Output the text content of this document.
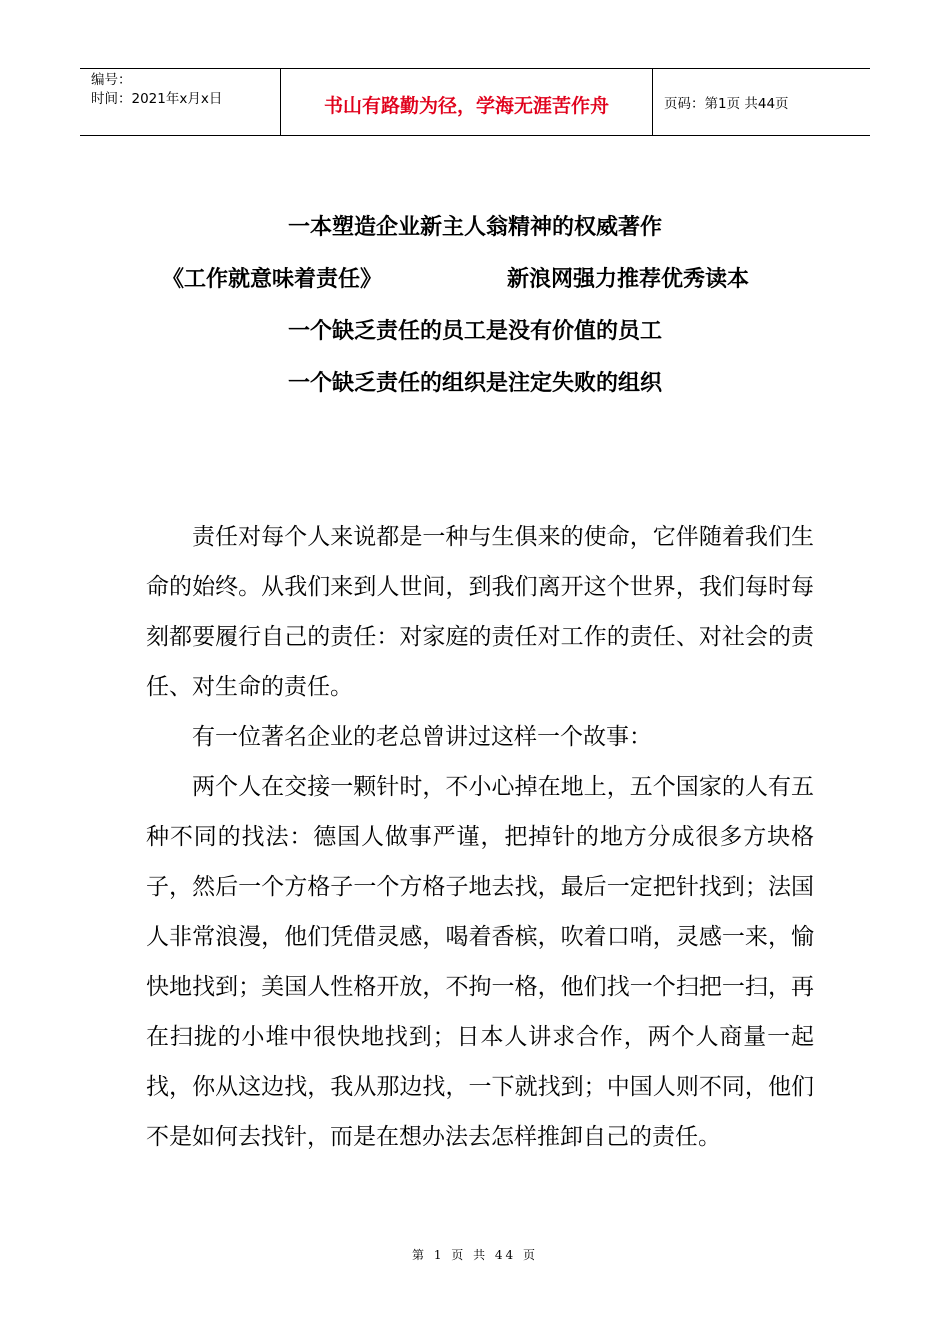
编号：
时间：2021年x月x日	书山有路勤为径，学海无涯苦作舟	页码：第1页 共44页
一本塑造企业新主人翁精神的权威著作
《工作就意味着责任》	新浪网强力推荐优秀读本
一个缺乏责任的员工是没有价值的员工
一个缺乏责任的组织是注定失败的组织

责任对每个人来说都是一种与生俱来的使命，它伴随着我们生命的始终。从我们来到人世间，到我们离开这个世界，我们每时每刻都要履行自己的责任：对家庭的责任对工作的责任、对社会的责任、对生命的责任。

有一位著名企业的老总曾讲过这样一个故事：

两个人在交接一颗针时，不小心掉在地上，五个国家的人有五种不同的找法：德国人做事严谨，把掉针的地方分成很多方块格子，然后一个方格子一个方格子地去找，最后一定把针找到；法国人非常浪漫，他们凭借灵感，喝着香槟，吹着口哨，灵感一来，愉快地找到；美国人性格开放，不拘一格，他们找一个扫把一扫，再在扫拢的小堆中很快地找到；日本人讲求合作，两个人商量一起找，你从这边找，我从那边找，一下就找到；中国人则不同，他们不是如何去找针，而是在想办法去怎样推卸自己的责任。

第 1 页 共 44 页
